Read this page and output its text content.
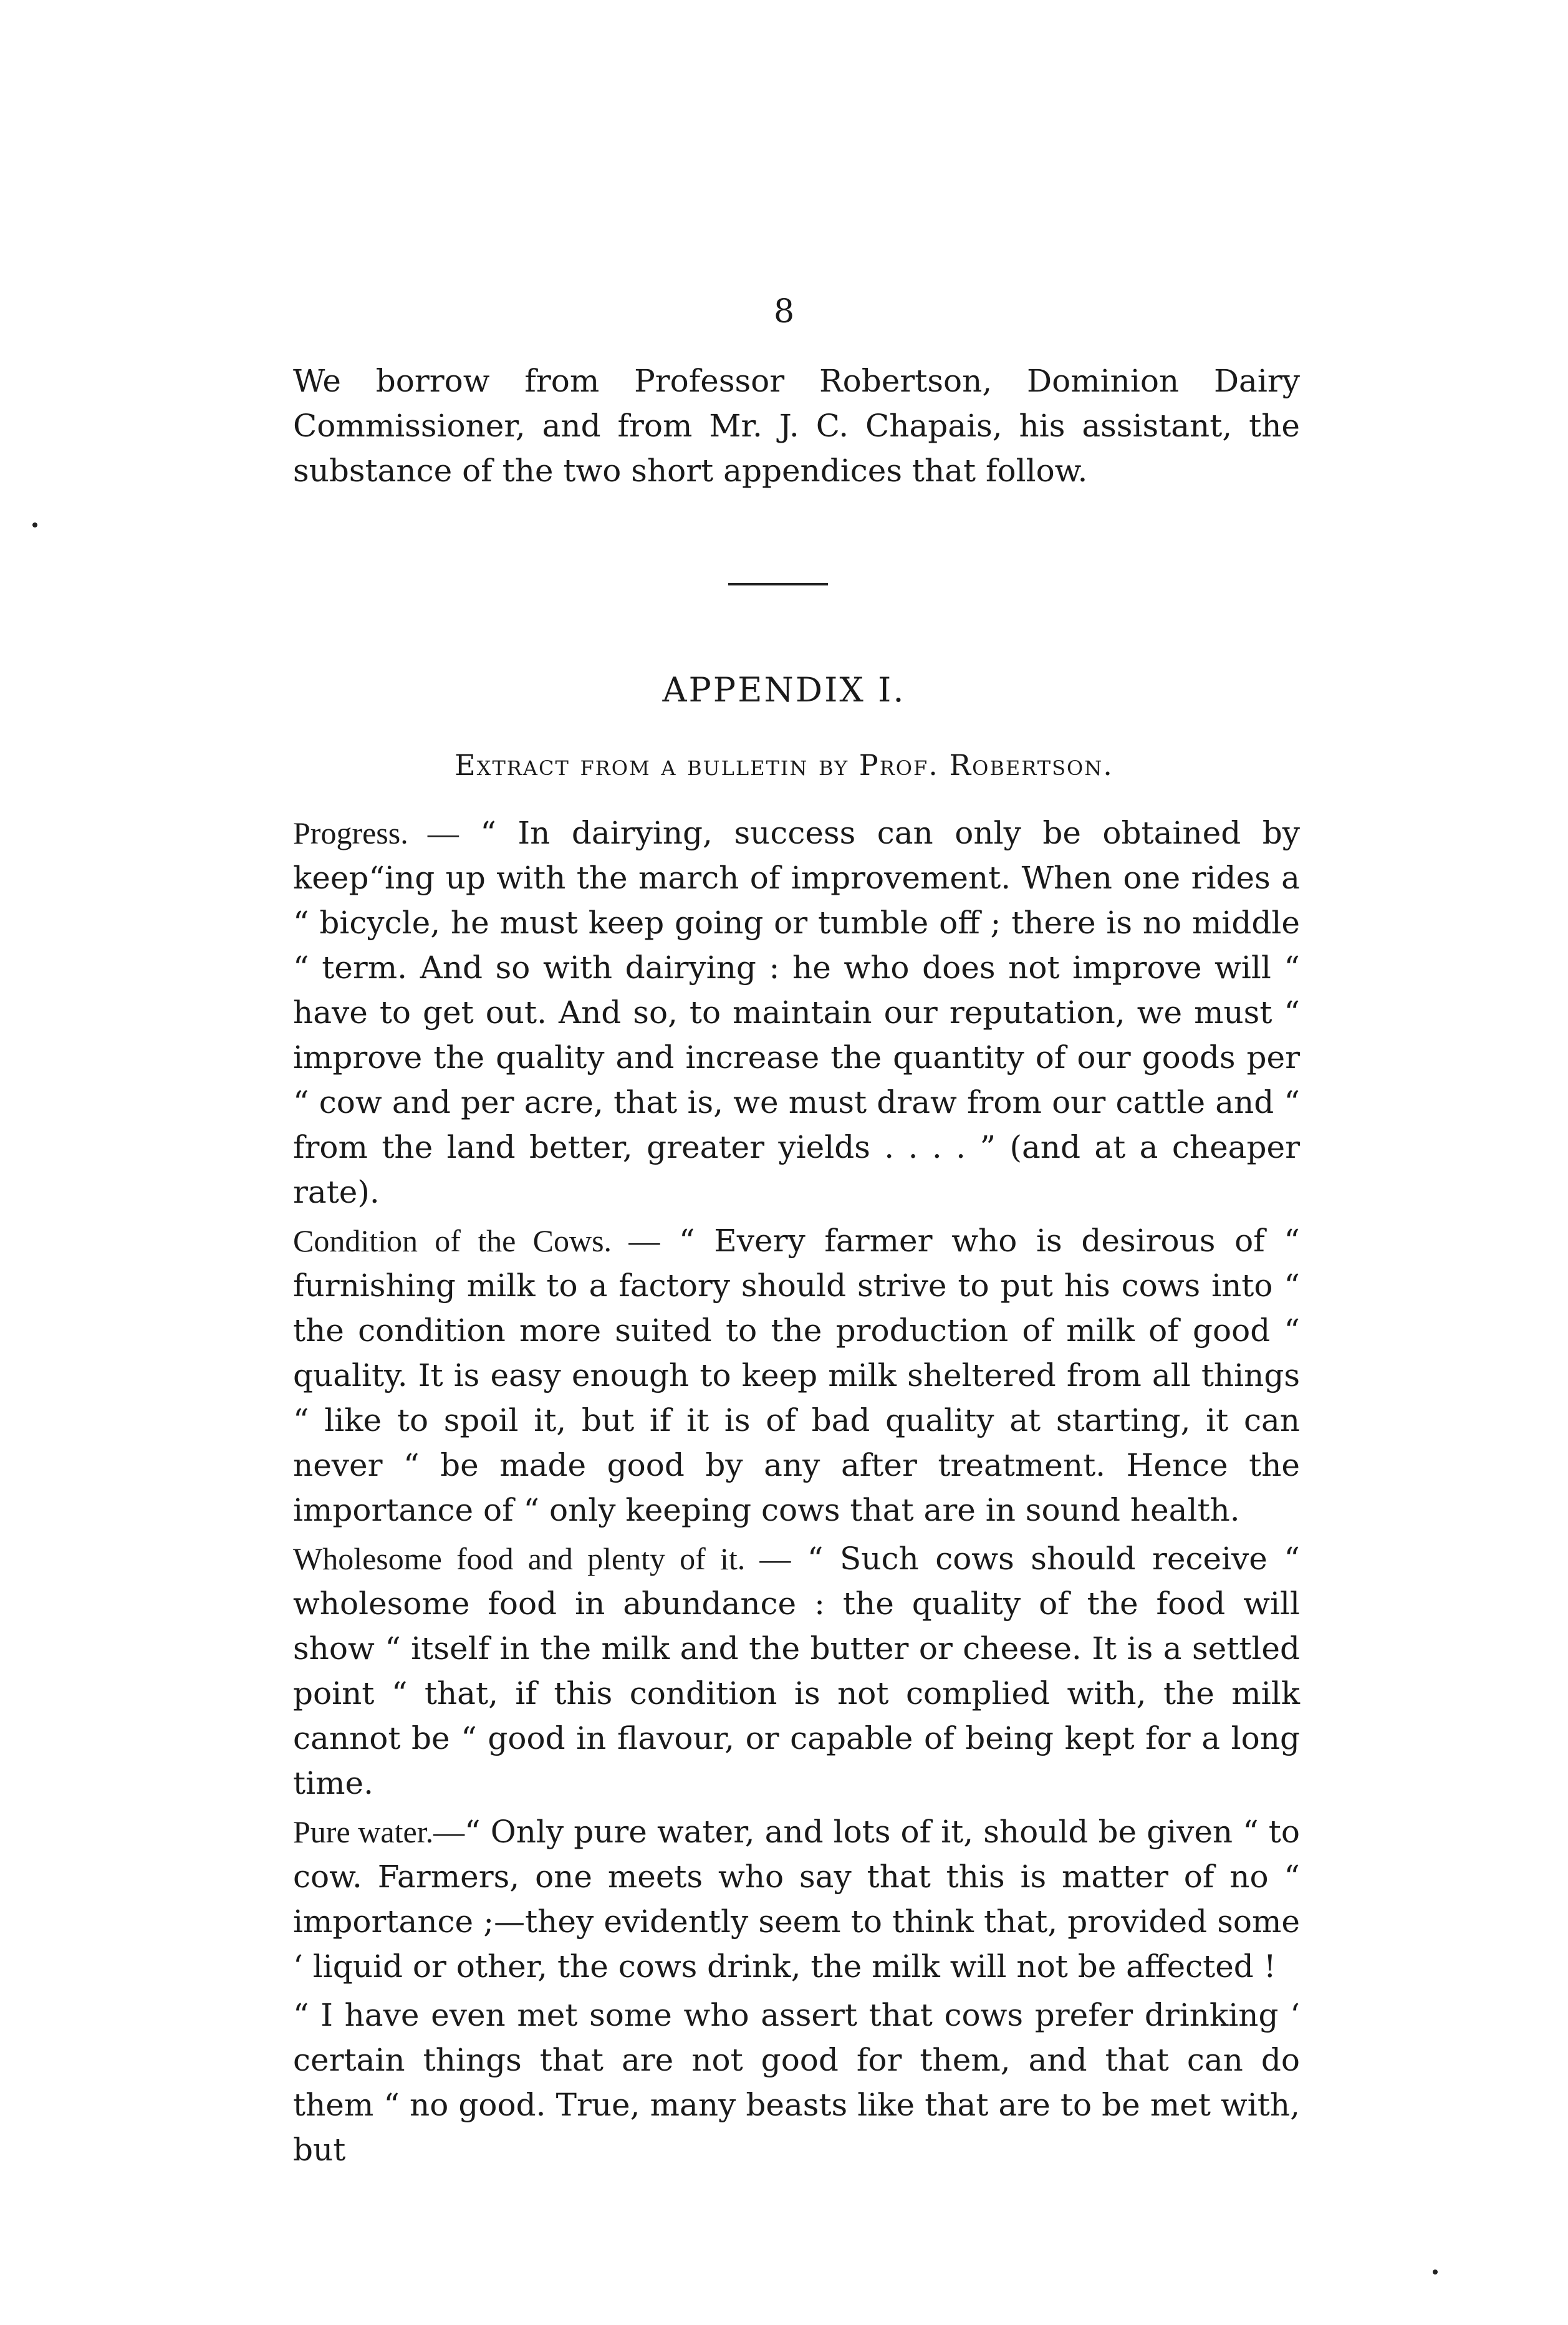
8

We borrow from Professor Robertson, Dominion Dairy Commissioner, and from Mr. J. C. Chapais, his assistant, the substance of the two short appendices that follow.

APPENDIX I.
Extract from a bulletin by Prof. Robertson.

Progress. — “ In dairying, success can only be obtained by keep“ing up with the march of improvement. When one rides a “ bicycle, he must keep going or tumble off ; there is no middle “ term. And so with dairying : he who does not improve will “ have to get out. And so, to maintain our reputation, we must “ improve the quality and increase the quantity of our goods per “ cow and per acre, that is, we must draw from our cattle and “ from the land better, greater yields . . . . ” (and at a cheaper rate).

Condition of the Cows. — “ Every farmer who is desirous of “ furnishing milk to a factory should strive to put his cows into “ the condition more suited to the production of milk of good “ quality. It is easy enough to keep milk sheltered from all things “ like to spoil it, but if it is of bad quality at starting, it can never “ be made good by any after treatment. Hence the importance of “ only keeping cows that are in sound health.

Wholesome food and plenty of it. — “ Such cows should receive “ wholesome food in abundance : the quality of the food will show “ itself in the milk and the butter or cheese. It is a settled point “ that, if this condition is not complied with, the milk cannot be “ good in flavour, or capable of being kept for a long time.

Pure water.—“ Only pure water, and lots of it, should be given “ to cow. Farmers, one meets who say that this is matter of no “ importance ;—they evidently seem to think that, provided some ‘ liquid or other, the cows drink, the milk will not be affected !

“ I have even met some who assert that cows prefer drinking ‘ certain things that are not good for them, and that can do them “ no good. True, many beasts like that are to be met with, but
